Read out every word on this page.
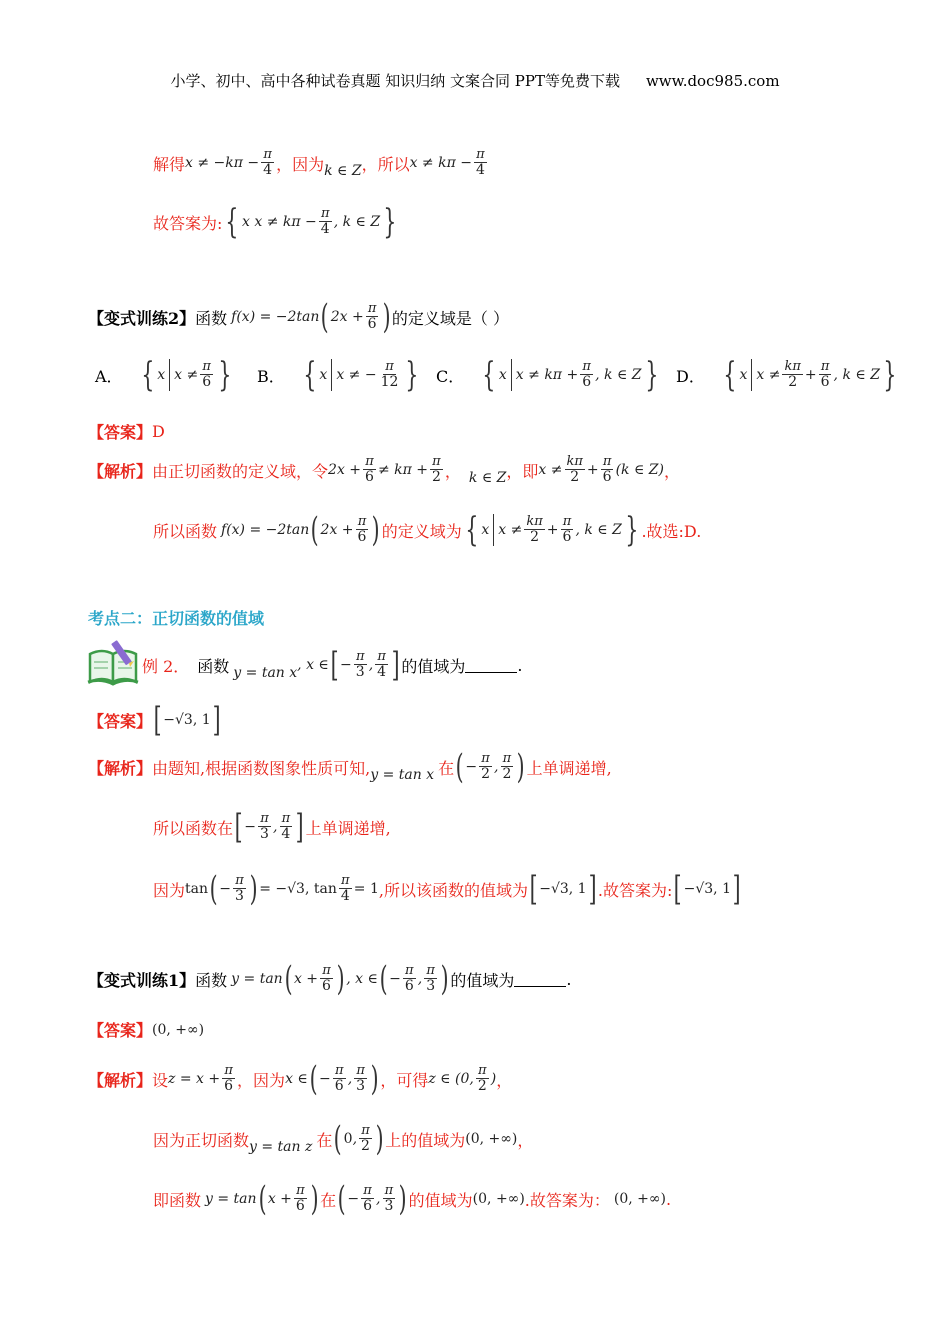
小学、初中、高中各种试卷真题 知识归纳 文案合同 PPT等免费下载 www.doc985.com
解得 $x \ne -k\pi - \frac{\pi}{4}$ ，因为 k ∈ Z ，所以 $x \ne k\pi - \frac{\pi}{4}$
故答案为: { x $x \ne k\pi - \frac{\pi}{4}$ , k ∈ Z }
【变式训练2】 函数 f(x) = −2tan ( $2x + \frac{\pi}{6}$ ) 的定义域是（ ）
A． { x $x \ne \frac{\pi}{6}$ } B． { x x ≠ − $\frac{\pi}{12}$ } C． { x $x \ne k\pi + \frac{\pi}{6}$ , k ∈ Z } D． { x $x \ne \frac{k\pi}{2} + \frac{\pi}{6}$ , k ∈ Z }
【答案】 D
【解析】 由正切函数的定义域，令 $2x + \frac{\pi}{6} \ne k\pi + \frac{\pi}{2}$ ， k ∈ Z ，即 $x \ne \frac{k\pi}{2} + \frac{\pi}{6} (k$ ∈ Z) ，
所以函数 f(x) = −2tan ( $2x + \frac{\pi}{6}$ ) 的定义域为 { x $x \ne \frac{k\pi}{2} + \frac{\pi}{6}$ , k ∈ Z } .故选:D.
考点二：正切函数的值域
例 2． 函数 y = tan x , x ∈ [ − $\frac{\pi}{3}$ , $\frac{\pi}{4}$ ] 的值域为	.
【答案】 [ −√3, 1 ]
【解析】 由题知,根据函数图象性质可知, y = tan x 在 ( − $\frac{\pi}{2}$ , $\frac{\pi}{2}$ ) 上单调递增,
所以函数在 [ − $\frac{\pi}{3}$ , $\frac{\pi}{4}$ ] 上单调递增,
因为 tan ( − $\frac{\pi}{3}$ ) = −√3, $\tan \frac{\pi}{4} = 1$ ,所以该函数的值域为 [ −√3, 1 ] .故答案为: [ −√3, 1 ]
【变式训练1】 函数 y = tan ( $x + \frac{\pi}{6}$ ) , x ∈ ( − $\frac{\pi}{6}$ , $\frac{\pi}{3}$ ) 的值域为	.
【答案】 (0, +∞)
【解析】 设 $z = x + \frac{\pi}{6}$ ，因为 x ∈ ( − $\frac{\pi}{6}$ , $\frac{\pi}{3}$ ) ，可得 z ∈ (0, $\frac{\pi}{2}$ ) ，
因为正切函数 y = tan z 在 ( 0 , $\frac{\pi}{2}$ ) 上的值域为 (0, +∞) ，
即函数 y = tan ( $x + \frac{\pi}{6}$ ) 在 ( − $\frac{\pi}{6}$ , $\frac{\pi}{3}$ ) 的值域为 (0, +∞) .故答案为： (0, +∞) .
